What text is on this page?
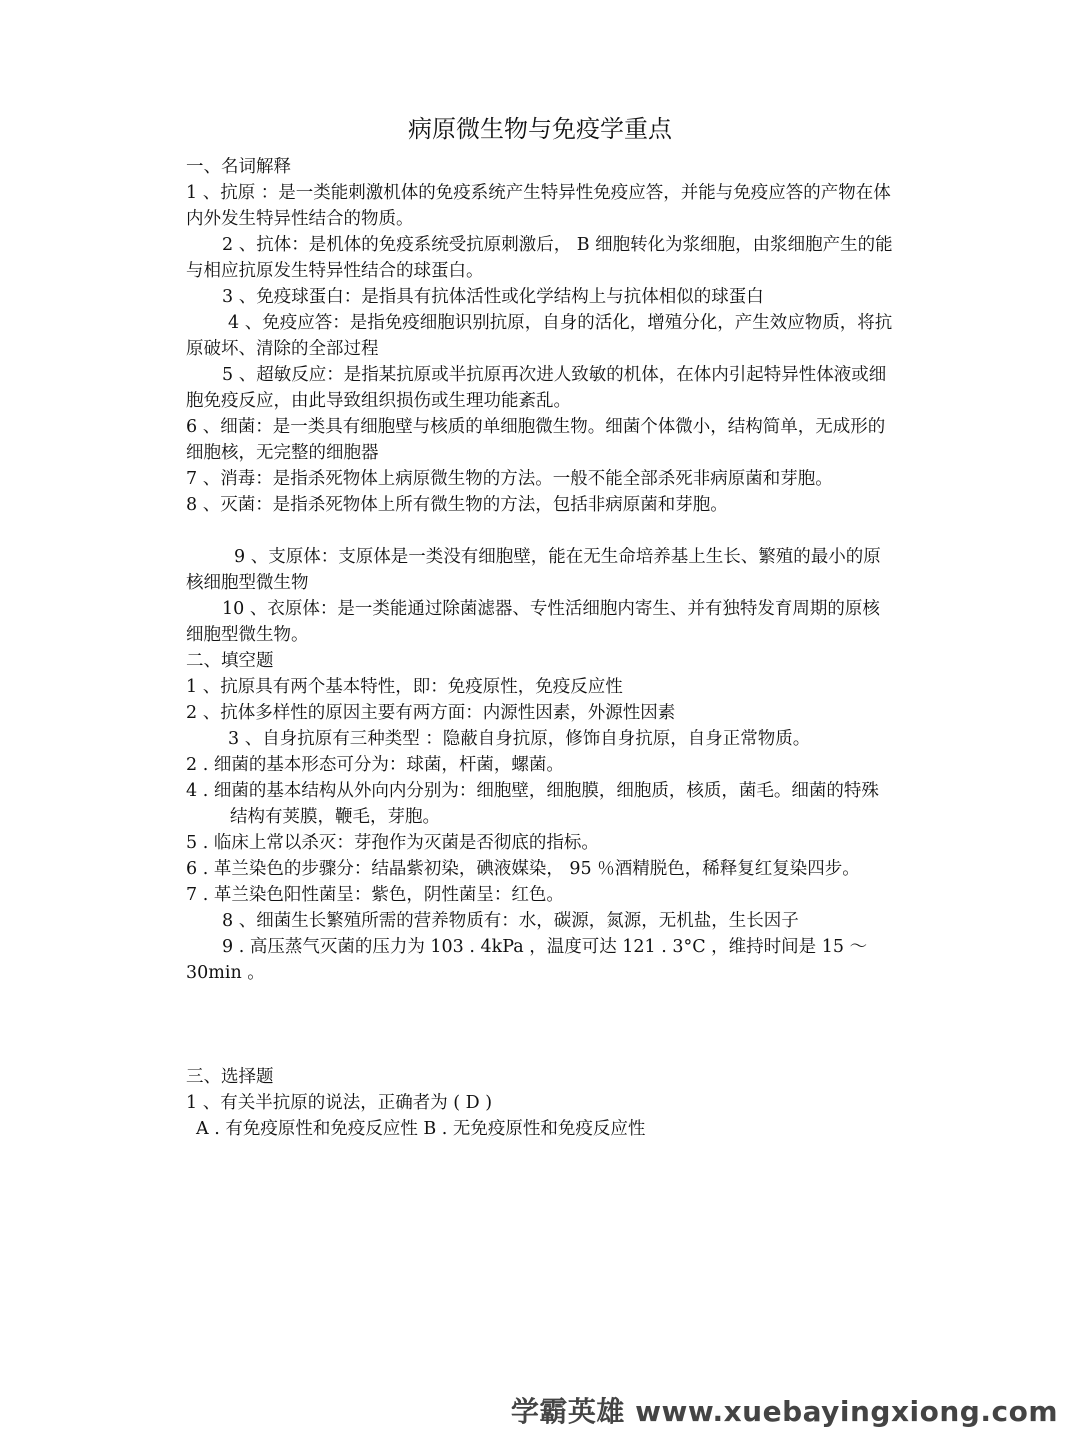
病原微生物与免疫学重点

一、名词解释

1 、抗原 ：是一类能刺激机体的免疫系统产生特异性免疫应答，并能与免疫应答的产物在体内外发生特异性结合的物质。

2 、抗体：是机体的免疫系统受抗原刺激后， B 细胞转化为浆细胞，由浆细胞产生的能与相应抗原发生特异性结合的球蛋白。

3 、免疫球蛋白：是指具有抗体活性或化学结构上与抗体相似的球蛋白

4 、免疫应答：是指免疫细胞识别抗原，自身的活化，增殖分化，产生效应物质，将抗原破坏、清除的全部过程

5 、超敏反应：是指某抗原或半抗原再次进人致敏的机体，在体内引起特异性体液或细胞免疫反应，由此导致组织损伤或生理功能紊乱。

6 、细菌：是一类具有细胞壁与核质的单细胞微生物。细菌个体微小，结构简单，无成形的细胞核，无完整的细胞器

7 、消毒：是指杀死物体上病原微生物的方法。一般不能全部杀死非病原菌和芽胞。

8 、灭菌：是指杀死物体上所有微生物的方法，包括非病原菌和芽胞。

9 、支原体：支原体是一类没有细胞壁，能在无生命培养基上生长、繁殖的最小的原核细胞型微生物

10 、衣原体：是一类能通过除菌滤器、专性活细胞内寄生、并有独特发育周期的原核细胞型微生物。

二、填空题

1 、抗原具有两个基本特性，即：免疫原性，免疫反应性

2 、抗体多样性的原因主要有两方面：内源性因素，外源性因素

3 、自身抗原有三种类型 ：隐蔽自身抗原，修饰自身抗原，自身正常物质。

2 . 细菌的基本形态可分为：球菌，杆菌，螺菌。

4 . 细菌的基本结构从外向内分别为：细胞壁，细胞膜，细胞质，核质，菌毛。细菌的特殊结构有荚膜，鞭毛，芽胞。

5 . 临床上常以杀灭：芽孢作为灭菌是否彻底的指标。

6 . 革兰染色的步骤分：结晶紫初染，碘液媒染， 95 ％酒精脱色，稀释复红复染四步。

7 . 革兰染色阳性菌呈：紫色，阴性菌呈：红色。

8 、细菌生长繁殖所需的营养物质有：水，碳源，氮源，无机盐，生长因子

9 . 高压蒸气灭菌的压力为 103 . 4kPa ，温度可达 121 . 3°C ，维持时间是 15 ～ 30min 。

三、选择题

1 、有关半抗原的说法，正确者为 ( D )

A . 有免疫原性和免疫反应性 B . 无免疫原性和免疫反应性

学霸英雄 www.xuebayingxiong.com
